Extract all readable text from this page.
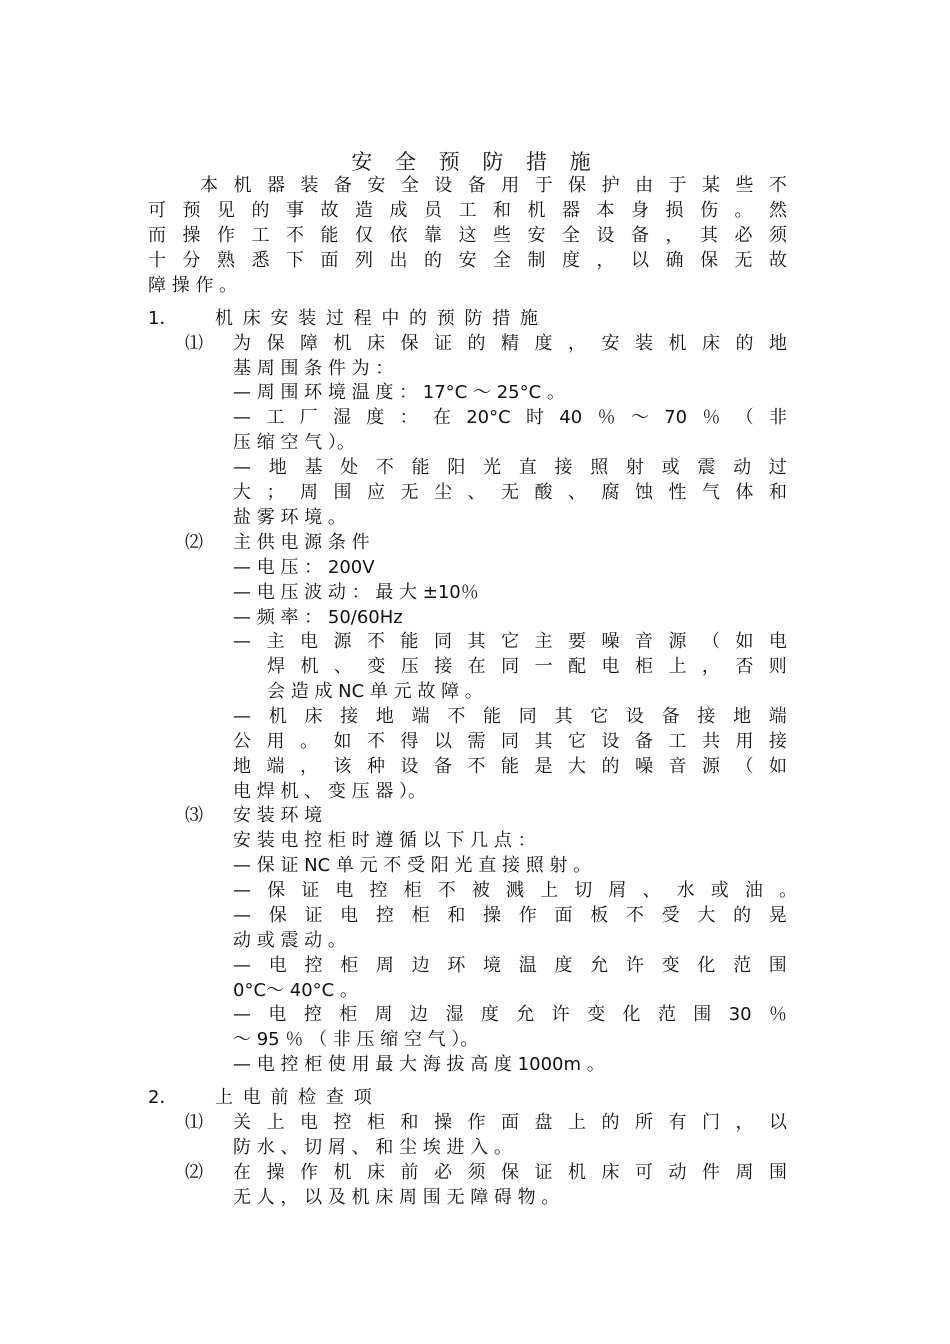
安 全 预 防 措 施
本 机 器 装 备 安 全 设 备 用 于 保 护 由 于 某 些 不
可 预 见 的 事 故 造 成 员 工 和 机 器 本 身 损 伤 。 然
而 操 作 工 不 能 仅 依 靠 这 些 安 全 设 备 ， 其 必 须
十 分 熟 悉 下 面 列 出 的 安 全 制 度 ， 以 确 保 无 故
障 操 作 。
1． 机 床 安 装 过 程 中 的 预 防 措 施
⑴ 为 保 障 机 床 保 证 的 精 度 ， 安 装 机 床 的 地
基 周 围 条 件 为 ：
— 周 围 环 境 温 度 ： 17°C ～ 25°C 。
— 工 厂 湿 度 ： 在 20°C 时 40 ％ ～ 70 ％ （ 非
压 缩 空 气 ）。
— 地 基 处 不 能 阳 光 直 接 照 射 或 震 动 过
大 ； 周 围 应 无 尘 、 无 酸 、 腐 蚀 性 气 体 和
盐 雾 环 境 。
⑵ 主 供 电 源 条 件
— 电 压 ： 200V
— 电 压 波 动 ： 最 大 ±10％
— 频 率 ： 50/60Hz
— 主 电 源 不 能 同 其 它 主 要 噪 音 源 （ 如 电
焊 机 、 变 压 接 在 同 一 配 电 柜 上 ， 否 则
会 造 成 NC 单 元 故 障 。
— 机 床 接 地 端 不 能 同 其 它 设 备 接 地 端
公 用 。 如 不 得 以 需 同 其 它 设 备 工 共 用 接
地 端 ， 该 种 设 备 不 能 是 大 的 噪 音 源 （ 如
电 焊 机 、 变 压 器 ）。
⑶ 安 装 环 境
安 装 电 控 柜 时 遵 循 以 下 几 点 ：
— 保 证 NC 单 元 不 受 阳 光 直 接 照 射 。
— 保 证 电 控 柜 不 被 溅 上 切 屑 、 水 或 油 。
— 保 证 电 控 柜 和 操 作 面 板 不 受 大 的 晃
动 或 震 动 。
— 电 控 柜 周 边 环 境 温 度 允 许 变 化 范 围
0°C～ 40°C 。
— 电 控 柜 周 边 湿 度 允 许 变 化 范 围 30 ％
～ 95 ％ （ 非 压 缩 空 气 ）。
— 电 控 柜 使 用 最 大 海 拔 高 度 1000m 。
2． 上 电 前 检 查 项
⑴ 关 上 电 控 柜 和 操 作 面 盘 上 的 所 有 门 ， 以
防 水 、 切 屑 、 和 尘 埃 进 入 。
⑵ 在 操 作 机 床 前 必 须 保 证 机 床 可 动 件 周 围
无 人 ， 以 及 机 床 周 围 无 障 碍 物 。
